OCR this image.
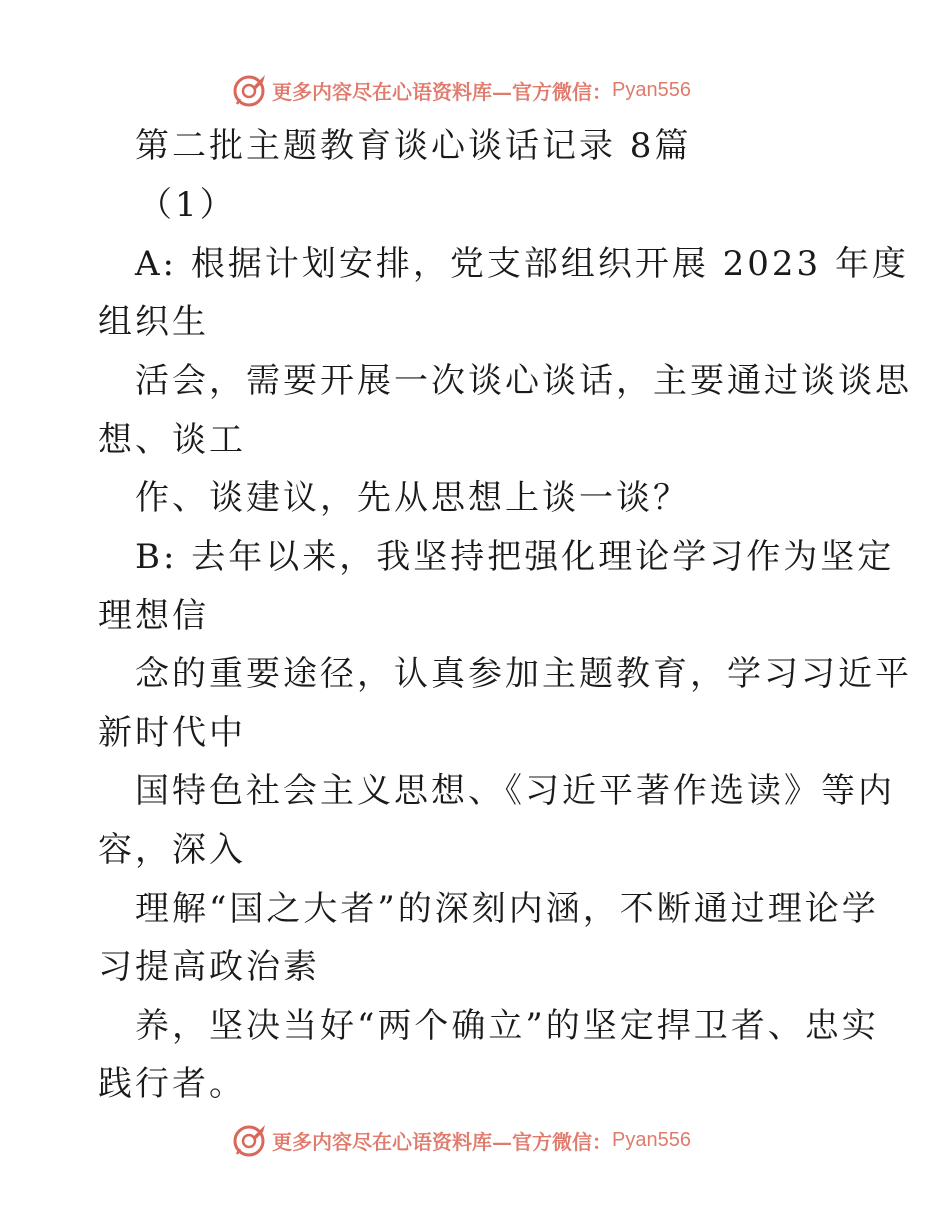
更多内容尽在心语资料库—官方微信： Pyan556
第二批主题教育谈心谈话记录 8篇
（1）
A: 根据计划安排，党支部组织开展 2023 年度
组织生
活会，需要开展一次谈心谈话，主要通过谈谈思
想、谈工
作、谈建议，先从思想上谈一谈？
B: 去年以来，我坚持把强化理论学习作为坚定
理想信
念的重要途径，认真参加主题教育，学习习近平
新时代中
国特色社会主义思想、《习近平著作选读》等内
容，深入
理解“国之大者”的深刻内涵，不断通过理论学
习提高政治素
养，坚决当好“两个确立”的坚定捍卫者、忠实
践行者。
更多内容尽在心语资料库—官方微信： Pyan556
